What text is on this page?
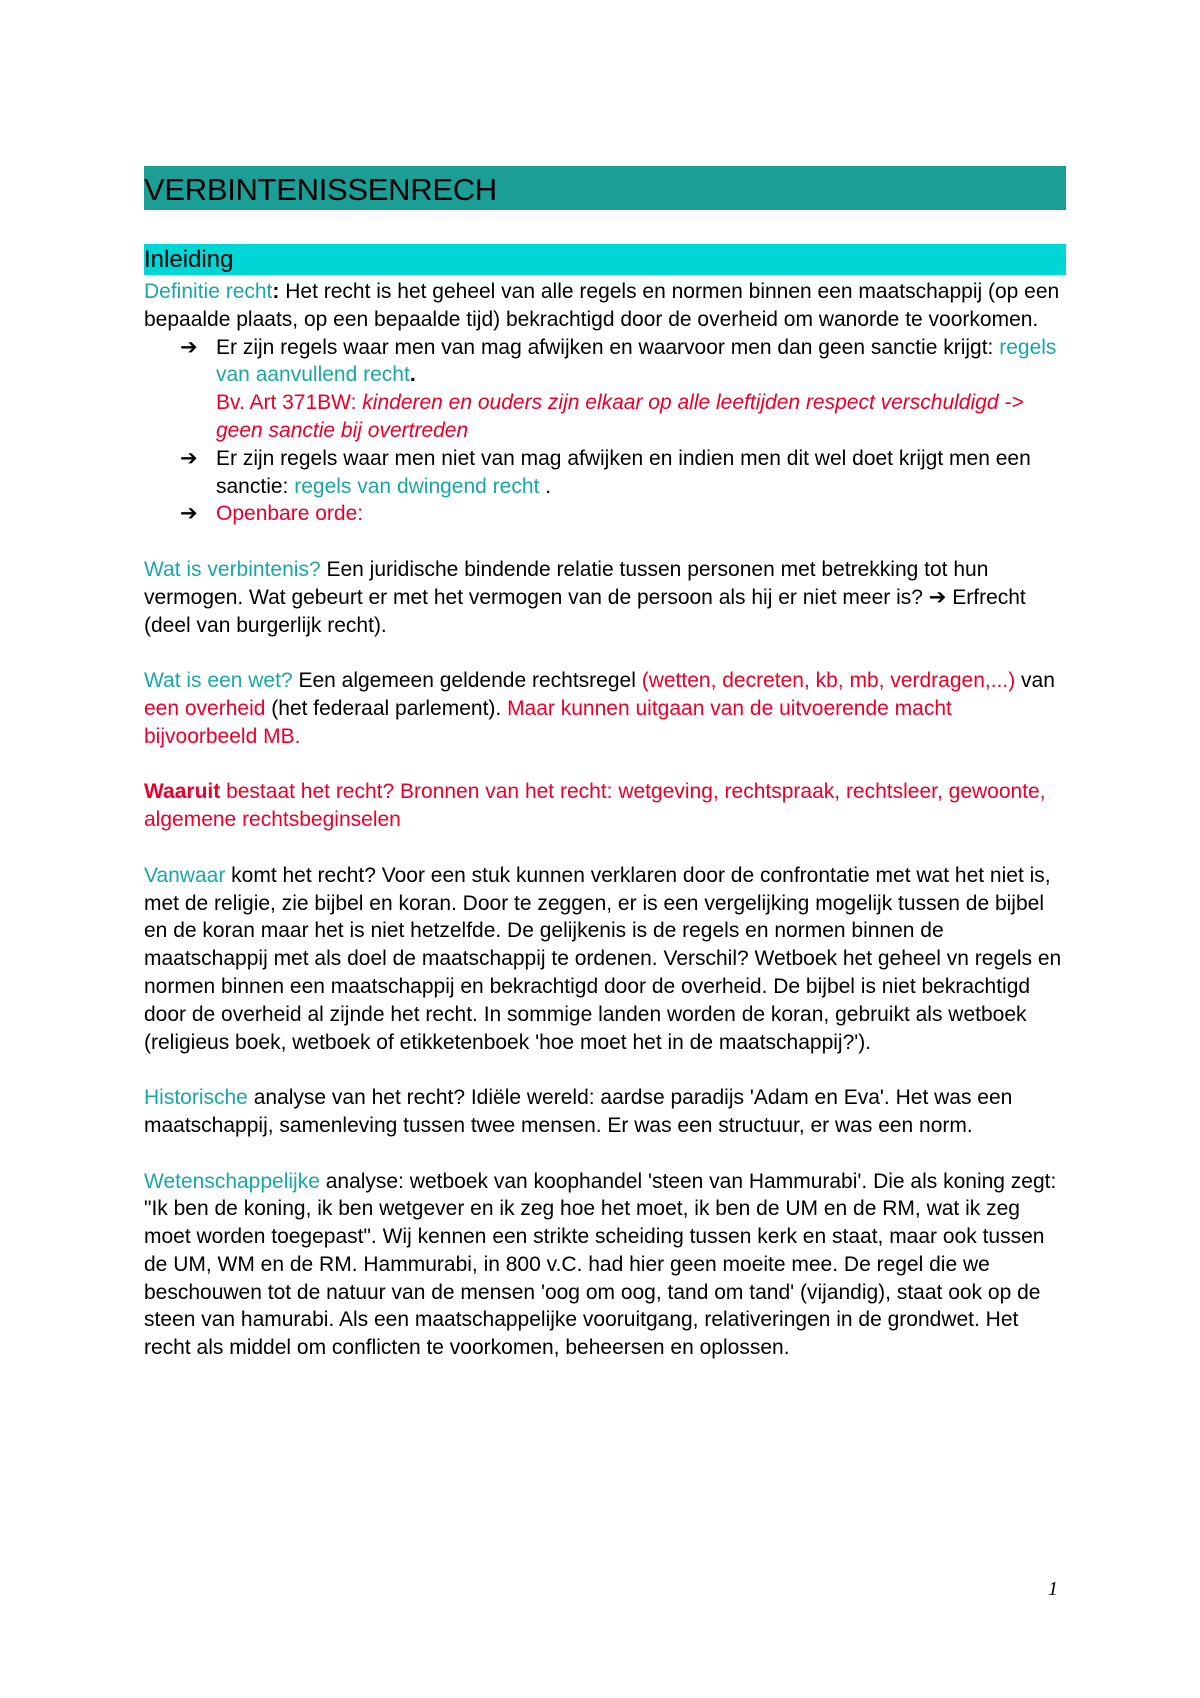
VERBINTENISSENRECH
Inleiding

Definitie recht: Het recht is het geheel van alle regels en normen binnen een maatschappij (op een bepaalde plaats, op een bepaalde tijd) bekrachtigd door de overheid om wanorde te voorkomen.

➔ Er zijn regels waar men van mag afwijken en waarvoor men dan geen sanctie krijgt: regels van aanvullend recht.
Bv. Art 371BW: kinderen en ouders zijn elkaar op alle leeftijden respect verschuldigd -> geen sanctie bij overtreden

➔ Er zijn regels waar men niet van mag afwijken en indien men dit wel doet krijgt men een sanctie: regels van dwingend recht .

➔ Openbare orde:

Wat is verbintenis? Een juridische bindende relatie tussen personen met betrekking tot hun vermogen. Wat gebeurt er met het vermogen van de persoon als hij er niet meer is? ➔ Erfrecht (deel van burgerlijk recht).

Wat is een wet? Een algemeen geldende rechtsregel (wetten, decreten, kb, mb, verdragen,...) van een overheid (het federaal parlement). Maar kunnen uitgaan van de uitvoerende macht bijvoorbeeld MB.

Waaruit bestaat het recht? Bronnen van het recht: wetgeving, rechtspraak, rechtsleer, gewoonte, algemene rechtsbeginselen

Vanwaar komt het recht? Voor een stuk kunnen verklaren door de confrontatie met wat het niet is, met de religie, zie bijbel en koran. Door te zeggen, er is een vergelijking mogelijk tussen de bijbel en de koran maar het is niet hetzelfde. De gelijkenis is de regels en normen binnen de maatschappij met als doel de maatschappij te ordenen. Verschil? Wetboek het geheel vn regels en normen binnen een maatschappij en bekrachtigd door de overheid. De bijbel is niet bekrachtigd door de overheid al zijnde het recht. In sommige landen worden de koran, gebruikt als wetboek (religieus boek, wetboek of etikketenboek 'hoe moet het in de maatschappij?').

Historische analyse van het recht? Idiële wereld: aardse paradijs 'Adam en Eva'. Het was een maatschappij, samenleving tussen twee mensen. Er was een structuur, er was een norm.

Wetenschappelijke analyse: wetboek van koophandel 'steen van Hammurabi'. Die als koning zegt: "Ik ben de koning, ik ben wetgever en ik zeg hoe het moet, ik ben de UM en de RM, wat ik zeg moet worden toegepast". Wij kennen een strikte scheiding tussen kerk en staat, maar ook tussen de UM, WM en de RM. Hammurabi, in 800 v.C. had hier geen moeite mee. De regel die we beschouwen tot de natuur van de mensen 'oog om oog, tand om tand' (vijandig), staat ook op de steen van hamurabi. Als een maatschappelijke vooruitgang, relativeringen in de grondwet. Het recht als middel om conflicten te voorkomen, beheersen en oplossen.

1
